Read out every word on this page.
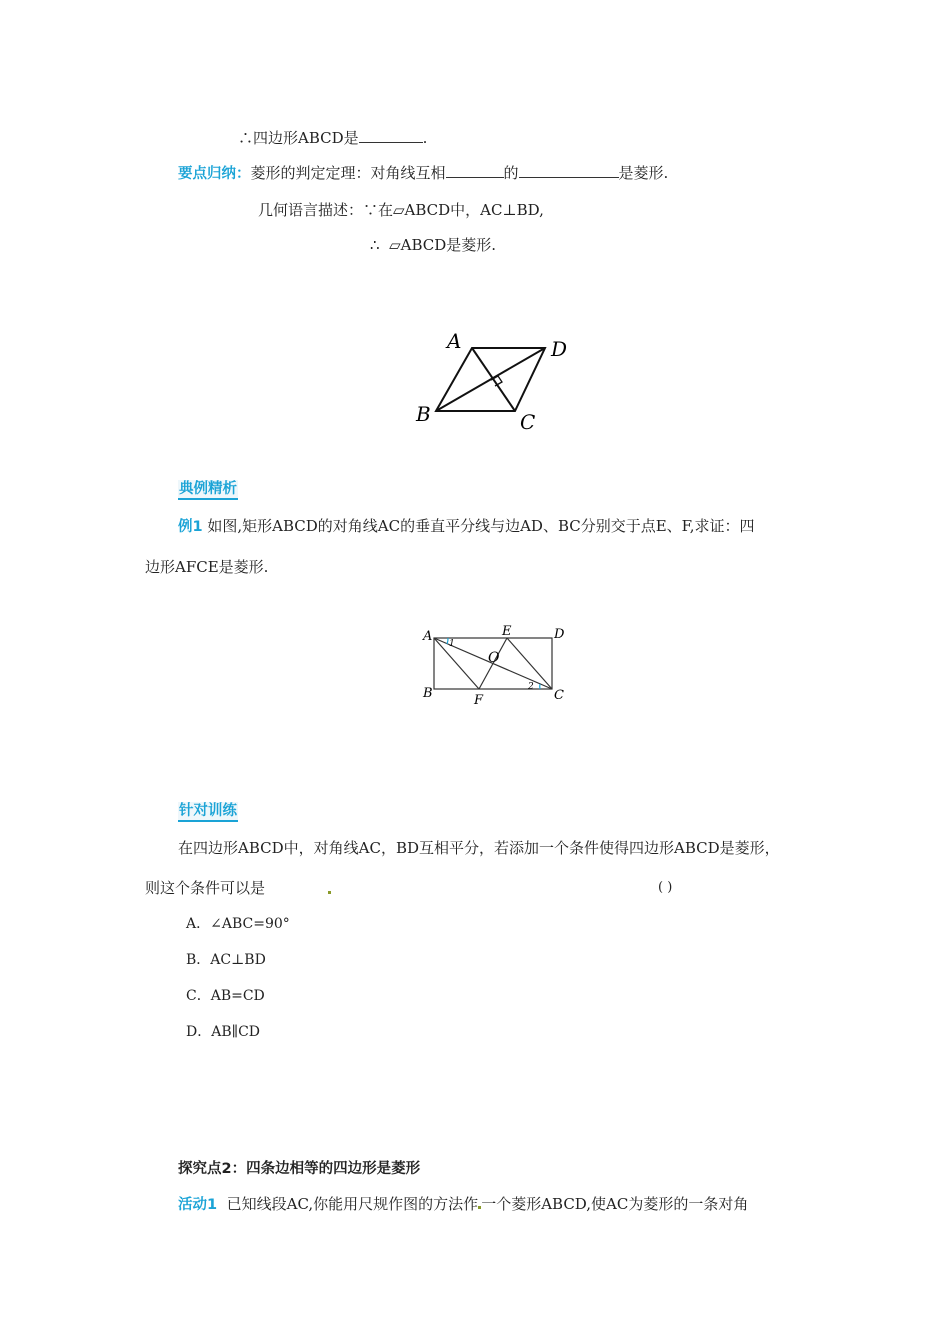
∴四边形ABCD是	.
要点归纳：菱形的判定定理：对角线互相	的	是菱形.
几何语言描述：∵在▱ABCD中，AC⊥BD,
∴ ▱ABCD是菱形.
A	D
B	C
典例精析
例1 如图,矩形ABCD的对角线AC的垂直平分线与边AD、BC分别交于点E、F,求证：四
边形AFCE是菱形.
A	E	D
O
1
2
B	F	C
针对训练
在四边形ABCD中，对角线AC，BD互相平分，若添加一个条件使得四边形ABCD是菱形，
则这个条件可以是	( )
A．∠ABC=90°
B．AC⊥BD
C．AB=CD
D．AB∥CD
探究点2：四条边相等的四边形是菱形
活动1 已知线段AC,你能用尺规作图的方法作 一个菱形ABCD,使AC为菱形的一条对角
